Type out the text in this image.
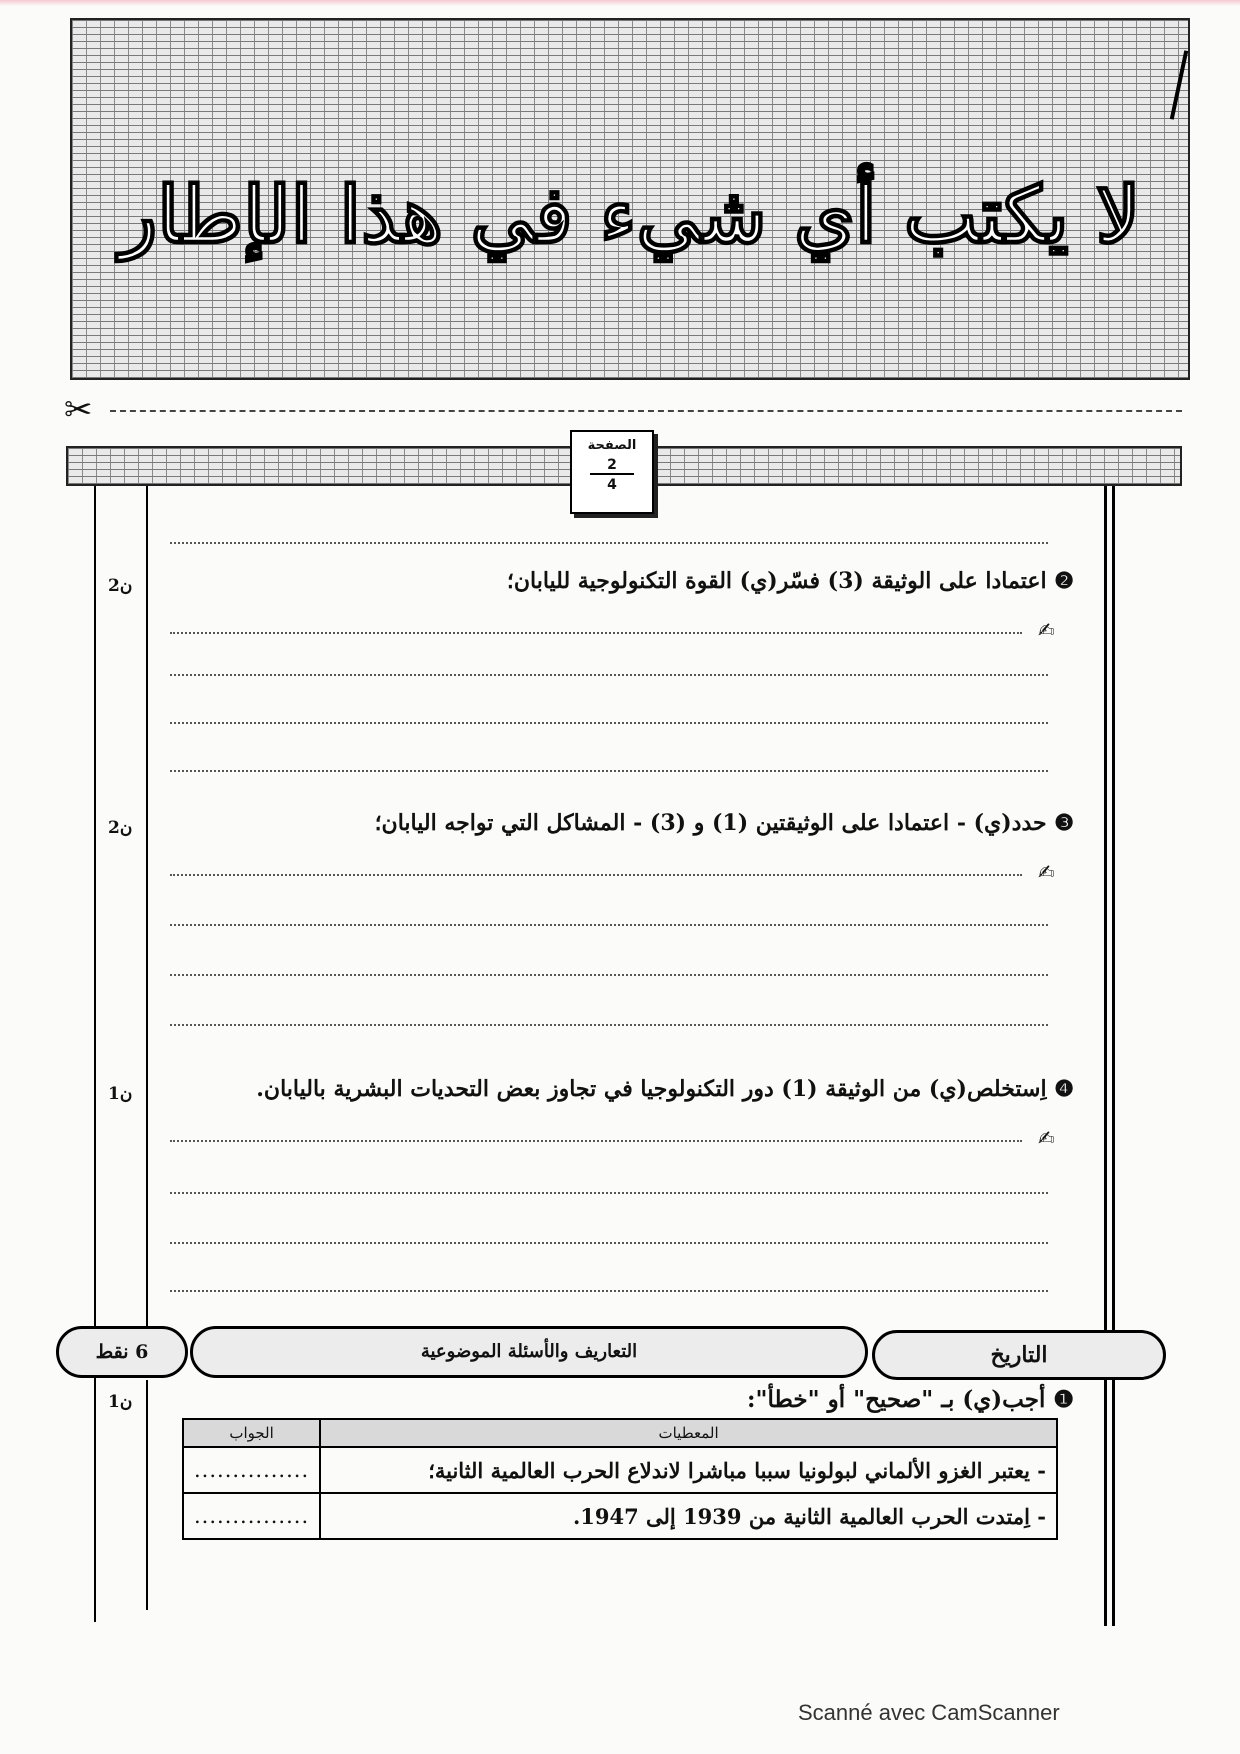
لا يكتب أي شيء في هذا الإطار
✂
الصفحة
2
4
❷ اعتمادا على الوثيقة (3) فسّر(ي) القوة التكنولوجية لليابان؛
2ن
✍
❸ حدد(ي) - اعتمادا على الوثيقتين (1) و (3) - المشاكل التي تواجه اليابان؛
2ن
✍
❹ اِستخلص(ي) من الوثيقة (1) دور التكنولوجيا في تجاوز بعض التحديات البشرية باليابان.
1ن
✍
6 نقط	التعاريف والأسئلة الموضوعية	التاريخ
❶ أجب(ي) بـ "صحيح" أو "خطأ":
1ن
المعطيات	الجواب
- يعتبر الغزو الألماني لبولونيا سببا مباشرا لاندلاع الحرب العالمية الثانية؛	...............
- اِمتدت الحرب العالمية الثانية من 1939 إلى 1947.	...............
Scanné avec CamScanner
